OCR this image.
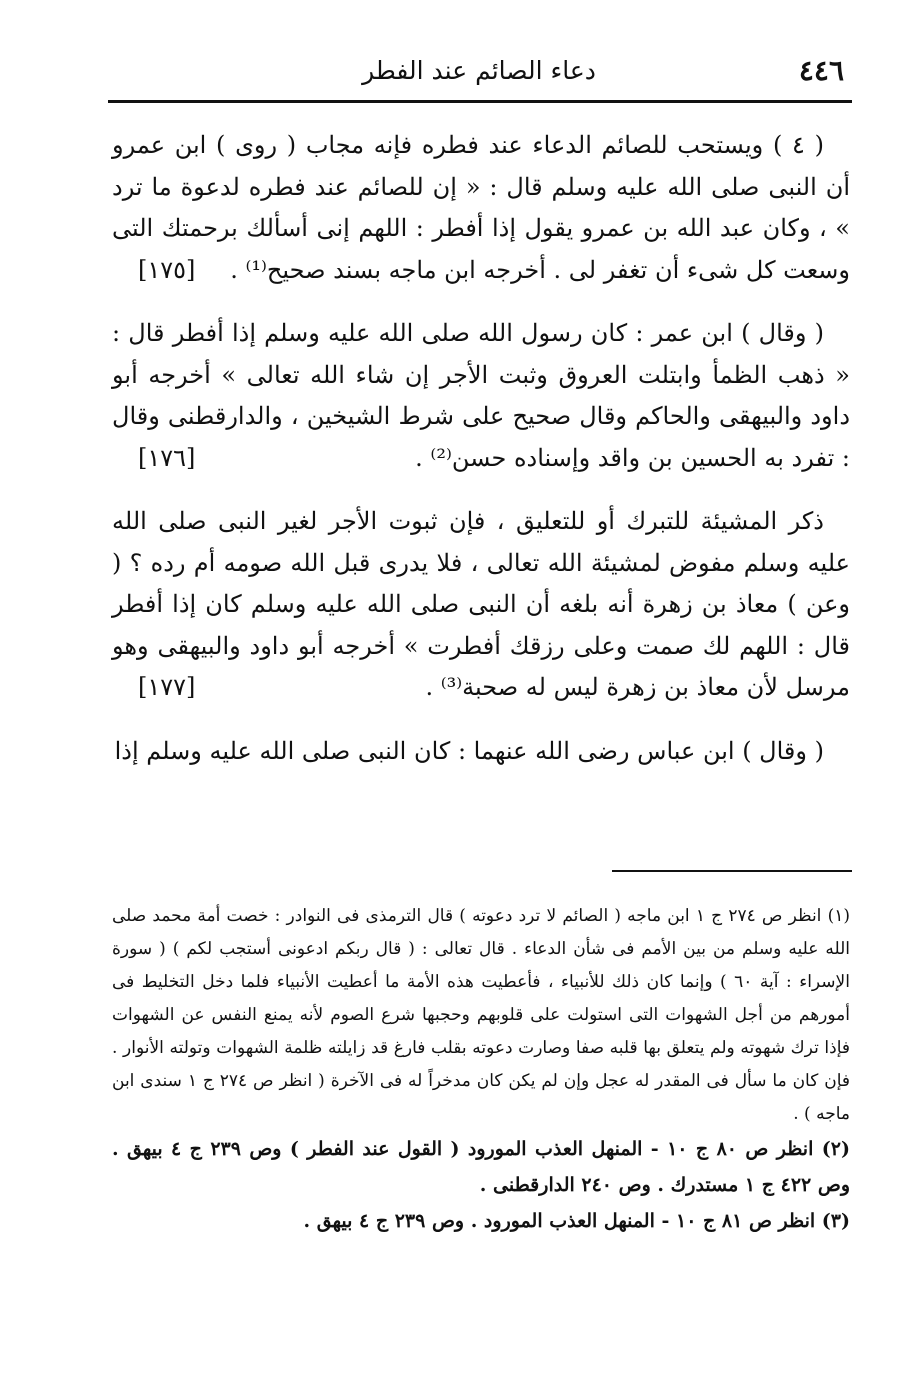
٤٤٦
دعاء الصائم عند الفطر

( ٤ ) ويستحب للصائم الدعاء عند فطره فإنه مجاب ( روى ) ابن عمرو أن النبى صلى الله عليه وسلم قال : « إن للصائم عند فطره لدعوة ما ترد » ، وكان عبد الله بن عمرو يقول إذا أفطر : اللهم إنى أسألك برحمتك التى وسعت كل شىء أن تغفر لى . أخرجه ابن ماجه بسند صحيح⁽¹⁾ .
[١٧٥]

( وقال ) ابن عمر : كان رسول الله صلى الله عليه وسلم إذا أفطر قال : « ذهب الظمأ وابتلت العروق وثبت الأجر إن شاء الله تعالى » أخرجه أبو داود والبيهقى والحاكم وقال صحيح على شرط الشيخين ، والدارقطنى وقال : تفرد به الحسين بن واقد وإسناده حسن⁽²⁾ .
[١٧٦]

ذكر المشيئة للتبرك أو للتعليق ، فإن ثبوت الأجر لغير النبى صلى الله عليه وسلم مفوض لمشيئة الله تعالى ، فلا يدرى قبل الله صومه أم رده ؟ ( وعن ) معاذ بن زهرة أنه بلغه أن النبى صلى الله عليه وسلم كان إذا أفطر قال : اللهم لك صمت وعلى رزقك أفطرت » أخرجه أبو داود والبيهقى وهو مرسل لأن معاذ بن زهرة ليس له صحبة⁽³⁾ .
[١٧٧]

( وقال ) ابن عباس رضى الله عنهما : كان النبى صلى الله عليه وسلم إذا

(١) انظر ص ٢٧٤ ج ١ ابن ماجه ( الصائم لا ترد دعوته ) قال الترمذى فى النوادر : خصت أمة محمد صلى الله عليه وسلم من بين الأمم فى شأن الدعاء . قال تعالى : ( قال ربكم ادعونى أستجب لكم ) ( سورة الإسراء : آية ٦٠ ) وإنما كان ذلك للأنبياء ، فأعطيت هذه الأمة ما أعطيت الأنبياء فلما دخل التخليط فى أمورهم من أجل الشهوات التى استولت على قلوبهم وحجبها شرع الصوم لأنه يمنع النفس عن الشهوات فإذا ترك شهوته ولم يتعلق بها قلبه صفا وصارت دعوته بقلب فارغ قد زايلته ظلمة الشهوات وتولته الأنوار . فإن كان ما سأل فى المقدر له عجل وإن لم يكن كان مدخراً له فى الآخرة ( انظر ص ٢٧٤ ج ١ سندى ابن ماجه ) .

(٢) انظر ص ٨٠ ج ١٠ - المنهل العذب المورود ( القول عند الفطر ) وص ٢٣٩ ج ٤ بيهق . وص ٤٢٢ ج ١ مستدرك . وص ٢٤٠ الدارقطنى .

(٣) انظر ص ٨١ ج ١٠ - المنهل العذب المورود . وص ٢٣٩ ج ٤ بيهق .
